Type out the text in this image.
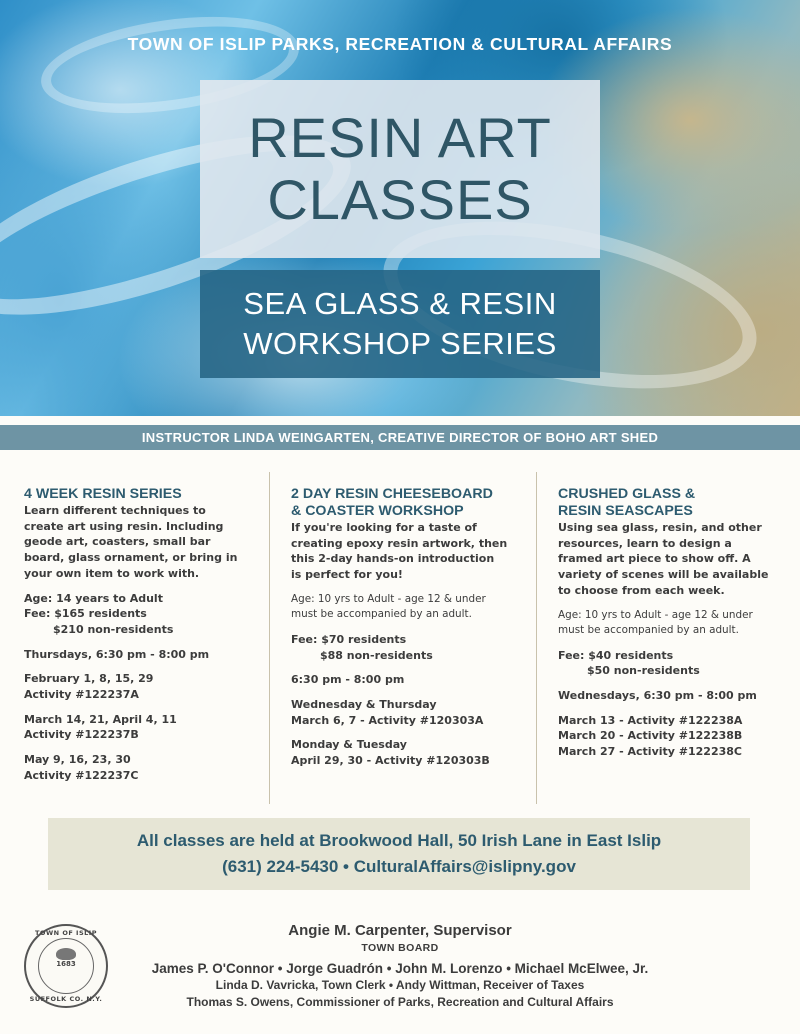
TOWN OF ISLIP PARKS, RECREATION & CULTURAL AFFAIRS
RESIN ART
CLASSES
SEA GLASS & RESIN
WORKSHOP SERIES
INSTRUCTOR LINDA WEINGARTEN, CREATIVE DIRECTOR OF BOHO ART SHED
4 WEEK RESIN SERIES
Learn different techniques to
create art using resin. Including
geode art, coasters, small bar
board, glass ornament, or bring in
your own item to work with.
Age: 14 years to Adult
Fee: $165 residents
$210 non-residents
Thursdays, 6:30 pm - 8:00 pm
February 1, 8, 15, 29
Activity #122237A
March 14, 21, April 4, 11
Activity #122237B
May 9, 16, 23, 30
Activity #122237C
2 DAY RESIN CHEESEBOARD
& COASTER WORKSHOP
If you're looking for a taste of
creating epoxy resin artwork, then
this 2-day hands-on introduction
is perfect for you!
Age: 10 yrs to Adult - age 12 & under
must be accompanied by an adult.
Fee: $70 residents
$88 non-residents
6:30 pm - 8:00 pm
Wednesday & Thursday
March 6, 7 - Activity #120303A
Monday & Tuesday
April 29, 30 - Activity #120303B
CRUSHED GLASS &
RESIN SEASCAPES
Using sea glass, resin, and other
resources, learn to design a
framed art piece to show off. A
variety of scenes will be available
to choose from each week.
Age: 10 yrs to Adult - age 12 & under
must be accompanied by an adult.
Fee: $40 residents
$50 non-residents
Wednesdays, 6:30 pm - 8:00 pm
March 13 - Activity #122238A
March 20 - Activity #122238B
March 27 - Activity #122238C
All classes are held at Brookwood Hall, 50 Irish Lane in East Islip
(631) 224-5430 • CulturalAffairs@islipny.gov
TOWN OF ISLIP
1683
SUFFOLK CO. N.Y.
Angie M. Carpenter, Supervisor
TOWN BOARD
James P. O'Connor • Jorge Guadrón • John M. Lorenzo • Michael McElwee, Jr.
Linda D. Vavricka, Town Clerk • Andy Wittman, Receiver of Taxes
Thomas S. Owens, Commissioner of Parks, Recreation and Cultural Affairs
